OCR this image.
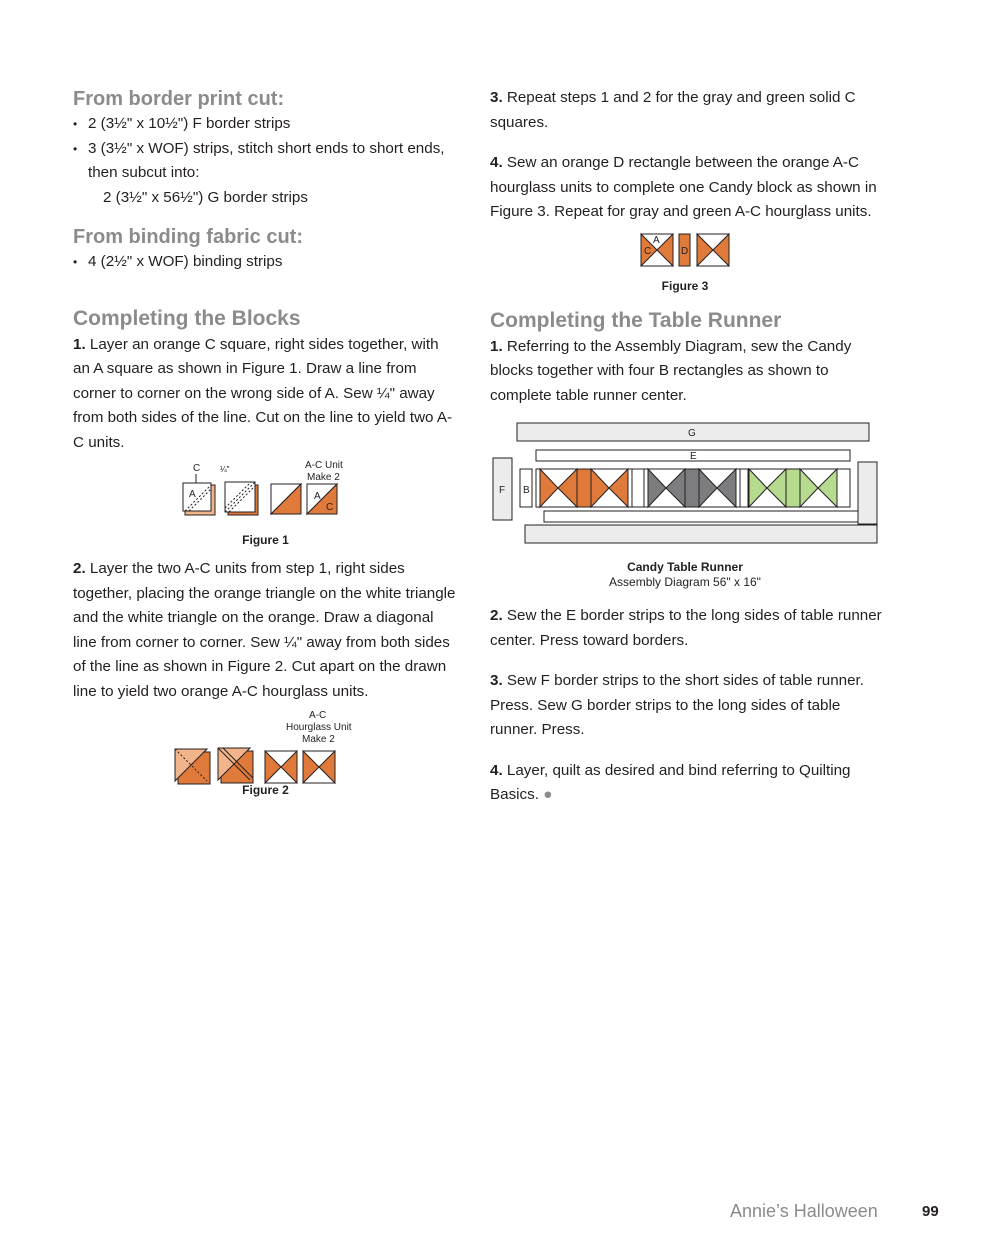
From border print cut:
• 2 (3½" x 10½") F border strips
• 3 (3½" x WOF) strips, stitch short ends to short ends, then subcut into:
2 (3½" x 56½") G border strips
From binding fabric cut:
• 4 (2½" x WOF) binding strips
Completing the Blocks

1. Layer an orange C square, right sides together, with an A square as shown in Figure 1. Draw a line from corner to corner on the wrong side of A. Sew ¼" away from both sides of the line. Cut on the line to yield two A-C units.

C ¼"
A	A
C
A-C Unit
Make 2

Figure 1

2. Layer the two A-C units from step 1, right sides together, placing the orange triangle on the white triangle and the white triangle on the orange. Draw a diagonal line from corner to corner. Sew ¼" away from both sides of the line as shown in Figure 2. Cut apart on the drawn line to yield two orange A-C hourglass units.

A-C
Hourglass Unit
Make 2

Figure 2

3. Repeat steps 1 and 2 for the gray and green solid C squares.

4. Sew an orange D rectangle between the orange A-C hourglass units to complete one Candy block as shown in Figure 3. Repeat for gray and green A-C hourglass units.

A
C	D

Figure 3

Completing the Table Runner

1. Referring to the Assembly Diagram, sew the Candy blocks together with four B rectangles as shown to complete table runner center.

G
E
F B
Candy Table Runner
Assembly Diagram 56" x 16"

2. Sew the E border strips to the long sides of table runner center. Press toward borders.

3. Sew F border strips to the short sides of table runner. Press. Sew G border strips to the long sides of table runner. Press.

4. Layer, quilt as desired and bind referring to Quilting Basics. ●

Annie’s Halloween	99
